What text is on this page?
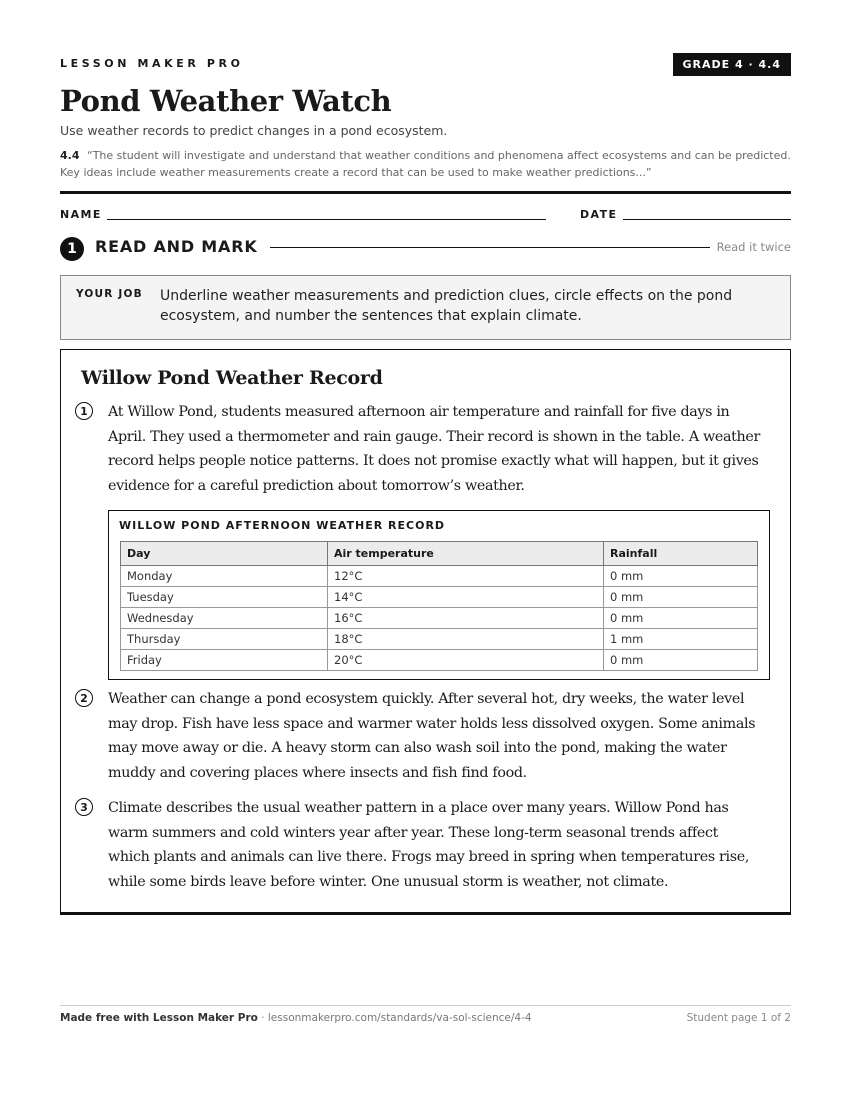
LESSON MAKER PRO	GRADE 4 · 4.4
Pond Weather Watch
Use weather records to predict changes in a pond ecosystem.
4.4 “The student will investigate and understand that weather conditions and phenomena affect ecosystems and can be predicted. Key ideas include weather measurements create a record that can be used to make weather predictions...”
NAME	DATE
1	READ AND MARK	Read it twice
YOUR JOB Underline weather measurements and prediction clues, circle effects on the pond ecosystem, and number the sentences that explain climate.
Willow Pond Weather Record
1	At Willow Pond, students measured afternoon air temperature and rainfall for five days in April. They used a thermometer and rain gauge. Their record is shown in the table. A weather record helps people notice patterns. It does not promise exactly what will happen, but it gives evidence for a careful prediction about tomorrow’s weather.
WILLOW POND AFTERNOON WEATHER RECORD
Day	Air temperature	Rainfall
Monday	12°C	0 mm
Tuesday	14°C	0 mm
Wednesday	16°C	0 mm
Thursday	18°C	1 mm
Friday	20°C	0 mm
2	Weather can change a pond ecosystem quickly. After several hot, dry weeks, the water level may drop. Fish have less space and warmer water holds less dissolved oxygen. Some animals may move away or die. A heavy storm can also wash soil into the pond, making the water muddy and covering places where insects and fish find food.
3	Climate describes the usual weather pattern in a place over many years. Willow Pond has warm summers and cold winters year after year. These long-term seasonal trends affect which plants and animals can live there. Frogs may breed in spring when temperatures rise, while some birds leave before winter. One unusual storm is weather, not climate.
Made free with Lesson Maker Pro · lessonmakerpro.com/standards/va-sol-science/4-4	Student page 1 of 2
